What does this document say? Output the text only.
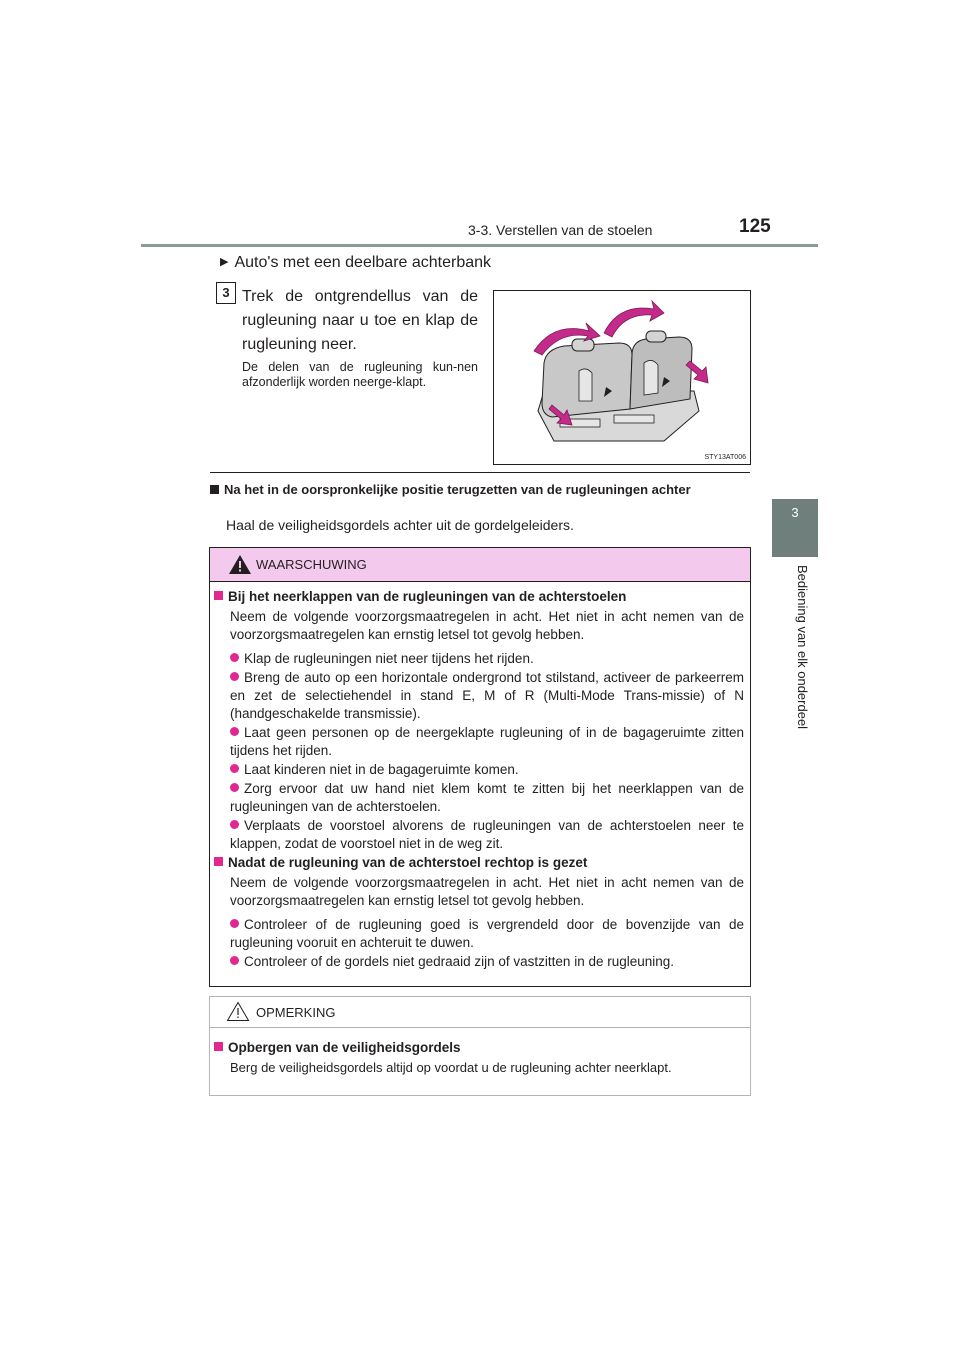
3-3. Verstellen van de stoelen	125
3
Bediening van elk onderdeel
▶ Auto's met een deelbare achterbank
3 Trek de ontgrendellus van de rugleuning naar u toe en klap de rugleuning neer.
De delen van de rugleuning kun-nen afzonderlijk worden neerge-klapt.
STY13AT006
Na het in de oorspronkelijke positie terugzetten van de rugleuningen achter
Haal de veiligheidsgordels achter uit de gordelgeleiders.
WAARSCHUWING
Bij het neerklappen van de rugleuningen van de achterstoelen
Neem de volgende voorzorgsmaatregelen in acht. Het niet in acht nemen van de voorzorgsmaatregelen kan ernstig letsel tot gevolg hebben.
Klap de rugleuningen niet neer tijdens het rijden.
Breng de auto op een horizontale ondergrond tot stilstand, activeer de parkeerrem en zet de selectiehendel in stand E, M of R (Multi-Mode Trans-missie) of N (handgeschakelde transmissie).
Laat geen personen op de neergeklapte rugleuning of in de bagageruimte zitten tijdens het rijden.
Laat kinderen niet in de bagageruimte komen.
Zorg ervoor dat uw hand niet klem komt te zitten bij het neerklappen van de rugleuningen van de achterstoelen.
Verplaats de voorstoel alvorens de rugleuningen van de achterstoelen neer te klappen, zodat de voorstoel niet in de weg zit.
Nadat de rugleuning van de achterstoel rechtop is gezet
Neem de volgende voorzorgsmaatregelen in acht. Het niet in acht nemen van de voorzorgsmaatregelen kan ernstig letsel tot gevolg hebben.
Controleer of de rugleuning goed is vergrendeld door de bovenzijde van de rugleuning vooruit en achteruit te duwen.
Controleer of de gordels niet gedraaid zijn of vastzitten in de rugleuning.
OPMERKING
Opbergen van de veiligheidsgordels
Berg de veiligheidsgordels altijd op voordat u de rugleuning achter neerklapt.
